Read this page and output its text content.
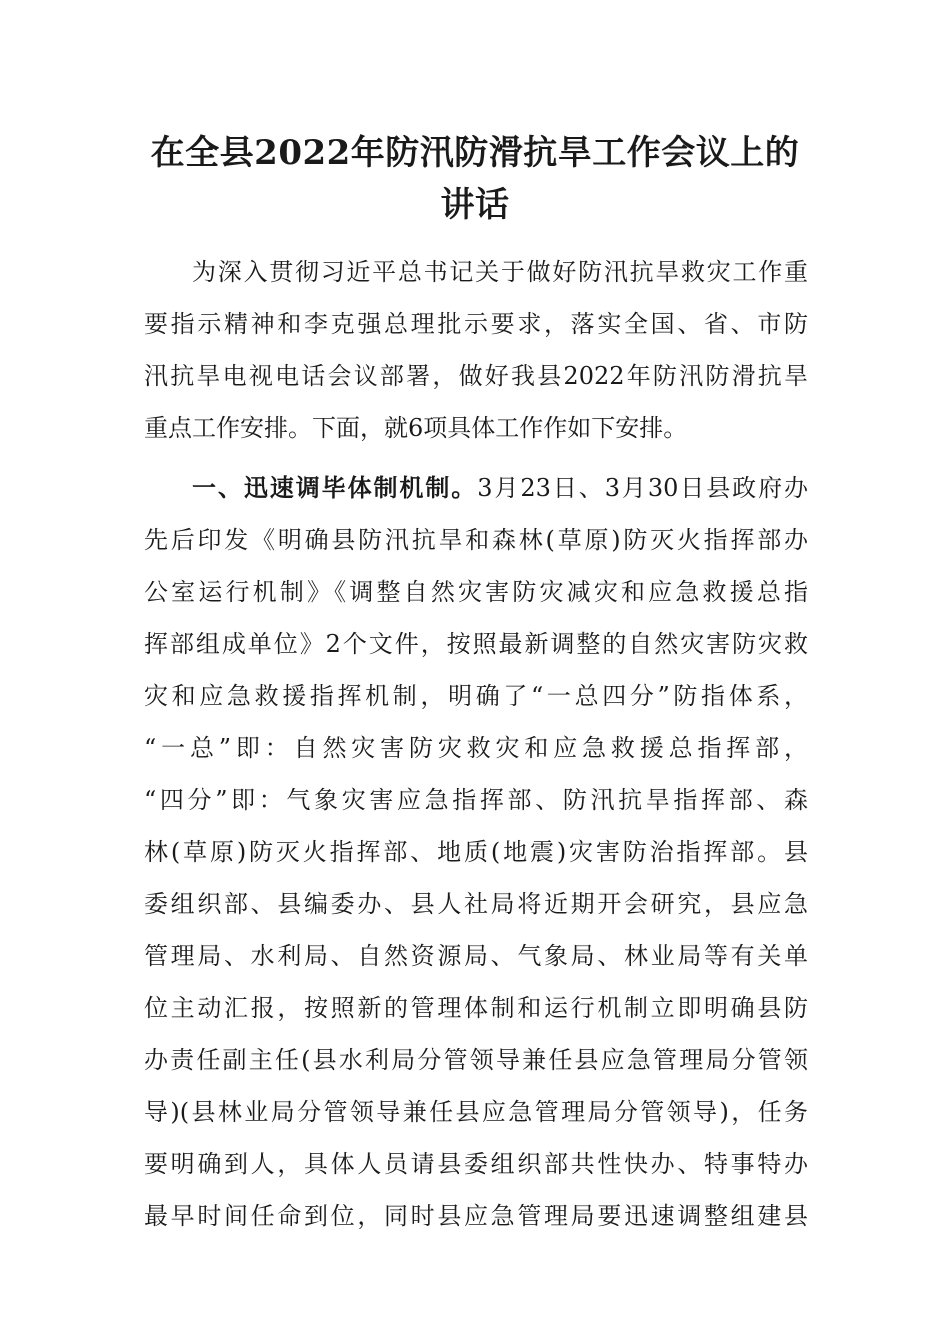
在全县2022年防汛防滑抗旱工作会议上的
讲话
为深入贯彻习近平总书记关于做好防汛抗旱救灾工作重
要指示精神和李克强总理批示要求，落实全国、省、市防
汛抗旱电视电话会议部署，做好我县2022年防汛防滑抗旱
重点工作安排。下面，就6项具体工作作如下安排。
一、迅速调毕体制机制。3月23日、3月30日县政府办
先后印发《明确县防汛抗旱和森林(草原)防灭火指挥部办
公室运行机制》《调整自然灾害防灾减灾和应急救援总指
挥部组成单位》2个文件，按照最新调整的自然灾害防灾救
灾和应急救援指挥机制，明确了“一总四分”防指体系，
“一总”即：自然灾害防灾救灾和应急救援总指挥部，
“四分”即：气象灾害应急指挥部、防汛抗旱指挥部、森
林(草原)防灭火指挥部、地质(地震)灾害防治指挥部。县
委组织部、县编委办、县人社局将近期开会研究，县应急
管理局、水利局、自然资源局、气象局、林业局等有关单
位主动汇报，按照新的管理体制和运行机制立即明确县防
办责任副主任(县水利局分管领导兼任县应急管理局分管领
导)(县林业局分管领导兼任县应急管理局分管领导)，任务
要明确到人，具体人员请县委组织部共性快办、特事特办
最早时间任命到位，同时县应急管理局要迅速调整组建县
